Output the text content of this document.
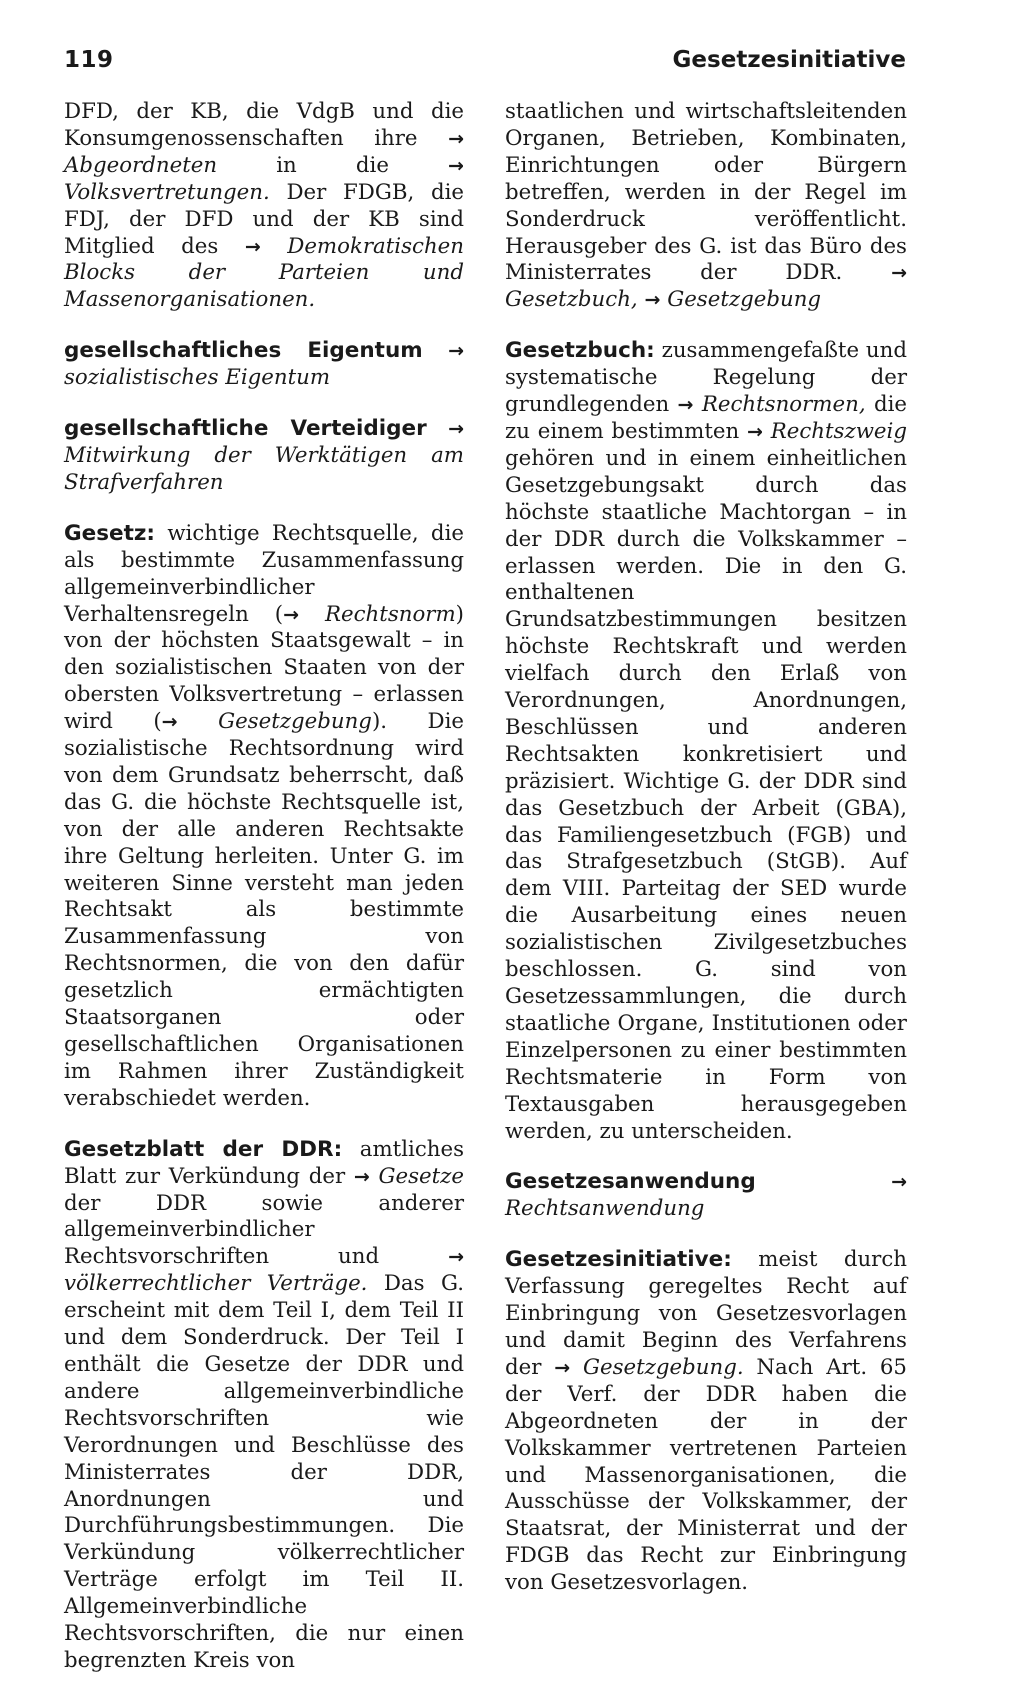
119	Gesetzesinitiative

DFD, der KB, die VdgB und die Konsumgenossenschaften ihre → Abgeordneten	in die	→ Volksvertretungen. Der FDGB, die FDJ, der DFD und der KB sind Mitglied des → Demokratischen Blocks der Parteien und Massenorganisationen.

gesellschaftliches Eigentum → sozialistisches Eigentum

gesellschaftliche Verteidiger → Mitwirkung der Werktätigen am Strafverfahren

Gesetz: wichtige Rechtsquelle, die als bestimmte Zusammenfassung allgemeinverbindlicher Verhaltensregeln (→ Rechtsnorm) von der höchsten Staatsgewalt – in den sozialistischen Staaten von der obersten Volksvertretung – erlassen wird (→ Gesetzgebung). Die sozialistische Rechtsordnung wird von dem Grundsatz beherrscht, daß das G. die höchste Rechtsquelle ist, von der alle anderen Rechtsakte ihre Geltung herleiten. Unter G. im weiteren Sinne versteht man jeden Rechtsakt als bestimmte Zusammenfassung von Rechtsnormen, die von den dafür gesetzlich ermächtigten Staatsorganen oder gesellschaftlichen Organisationen im Rahmen ihrer Zuständigkeit verabschiedet werden.

Gesetzblatt der DDR: amtliches Blatt zur Verkündung der → Gesetze der DDR sowie anderer allgemeinverbindlicher Rechtsvorschriften und	→ völkerrechtlicher Verträge. Das G. erscheint mit dem Teil I, dem Teil II und dem Sonderdruck. Der Teil I enthält die Gesetze der DDR und andere allgemeinverbindliche Rechtsvorschriften wie Verordnungen und Beschlüsse des Ministerrates der DDR, Anordnungen und Durchführungsbestimmungen. Die Verkündung völkerrechtlicher Verträge erfolgt im Teil II. Allgemeinverbindliche Rechtsvorschriften, die nur einen begrenzten Kreis von

staatlichen und wirtschaftsleitenden Organen, Betrieben, Kombinaten, Einrichtungen oder Bürgern betreffen, werden in der Regel im Sonderdruck veröffentlicht. Herausgeber des G. ist das Büro des Ministerrates der DDR.	→ Gesetzbuch, → Gesetzgebung

Gesetzbuch: zusammengefaßte und systematische Regelung der grundlegenden → Rechtsnormen, die zu einem bestimmten → Rechtszweig gehören und in einem einheitlichen Gesetzgebungsakt durch das höchste staatliche Machtorgan – in der DDR durch die Volkskammer – erlassen werden. Die in den G. enthaltenen Grundsatzbestimmungen besitzen höchste Rechtskraft und werden vielfach durch den Erlaß von Verordnungen, Anordnungen, Beschlüssen und anderen Rechtsakten konkretisiert und präzisiert. Wichtige G. der DDR sind das Gesetzbuch der Arbeit (GBA), das Familiengesetzbuch (FGB) und das Strafgesetzbuch (StGB). Auf dem VIII. Parteitag der SED wurde die Ausarbeitung eines neuen sozialistischen Zivilgesetzbuches beschlossen. G. sind von Gesetzessammlungen, die durch staatliche Organe, Institutionen oder Einzelpersonen zu einer bestimmten Rechtsmaterie in Form von Textausgaben herausgegeben werden, zu unterscheiden.

Gesetzesanwendung	→ Rechtsanwendung

Gesetzesinitiative: meist durch Verfassung geregeltes Recht auf Einbringung von Gesetzesvorlagen und damit Beginn des Verfahrens der → Gesetzgebung. Nach Art. 65 der Verf. der DDR haben die Abgeordneten der in der Volkskammer vertretenen Parteien und Massenorganisationen, die Ausschüsse der Volkskammer, der Staatsrat, der Ministerrat und der FDGB das Recht zur Einbringung von Gesetzesvorlagen.
